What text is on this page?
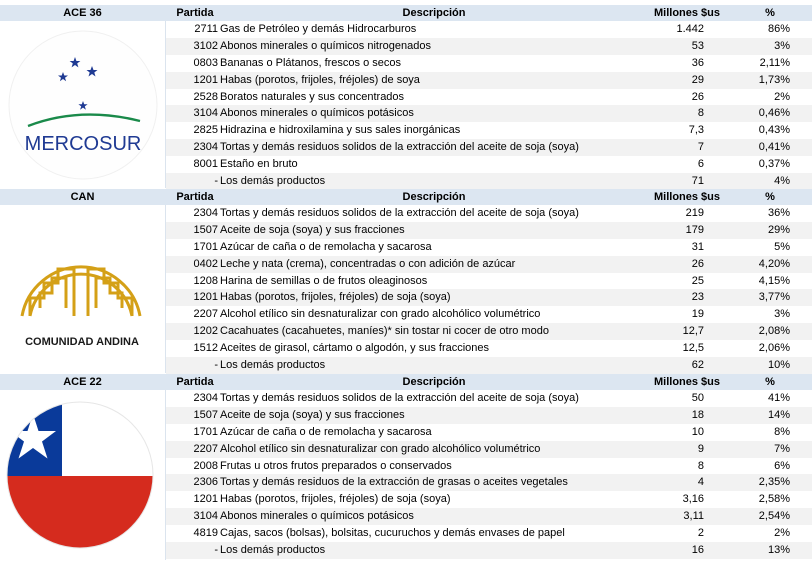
ACE 36	Partida	Descripción	Millones $us	%
MERCOSUR
2711 Gas de Petróleo y demás Hidrocarburos	1.442	86%
3102 Abonos minerales o químicos nitrogenados	53	3%
0803 Bananas o Plátanos, frescos o secos	36	2,11%
1201 Habas (porotos, frijoles, fréjoles) de soya	29	1,73%
2528 Boratos naturales y sus concentrados	26	2%
3104 Abonos minerales o químicos potásicos	8	0,46%
2825 Hidrazina e hidroxilamina y sus sales inorgánicas	7,3	0,43%
2304 Tortas y demás residuos solidos de la extracción del aceite de soja (soya)	7	0,41%
8001 Estaño en bruto	6	0,37%
- Los demás productos	71	4%
CAN	Partida	Descripción	Millones $us	%
COMUNIDAD ANDINA
2304 Tortas y demás residuos solidos de la extracción del aceite de soja (soya)	219	36%
1507 Aceite de soja (soya) y sus fracciones	179	29%
1701 Azúcar de caña o de remolacha y sacarosa	31	5%
0402 Leche y nata (crema), concentradas o con adición de azúcar	26	4,20%
1208 Harina de semillas o de frutos oleaginosos	25	4,15%
1201 Habas (porotos, frijoles, fréjoles) de soja (soya)	23	3,77%
2207 Alcohol etílico sin desnaturalizar con grado alcohólico volumétrico	19	3%
1202 Cacahuates (cacahuetes, maníes)* sin tostar ni cocer de otro modo	12,7	2,08%
1512 Aceites de girasol, cártamo o algodón, y sus fracciones	12,5	2,06%
- Los demás productos	62	10%
ACE 22	Partida	Descripción	Millones $us	%
2304 Tortas y demás residuos solidos de la extracción del aceite de soja (soya)	50	41%
1507 Aceite de soja (soya) y sus fracciones	18	14%
1701 Azúcar de caña o de remolacha y sacarosa	10	8%
2207 Alcohol etílico sin desnaturalizar con grado alcohólico volumétrico	9	7%
2008 Frutas u otros frutos preparados o conservados	8	6%
2306 Tortas y demás residuos de la extracción de grasas o aceites vegetales	4	2,35%
1201 Habas (porotos, frijoles, fréjoles) de soja (soya)	3,16	2,58%
3104 Abonos minerales o químicos potásicos	3,11	2,54%
4819 Cajas, sacos (bolsas), bolsitas, cucuruchos y demás envases de papel	2	2%
- Los demás productos	16	13%
